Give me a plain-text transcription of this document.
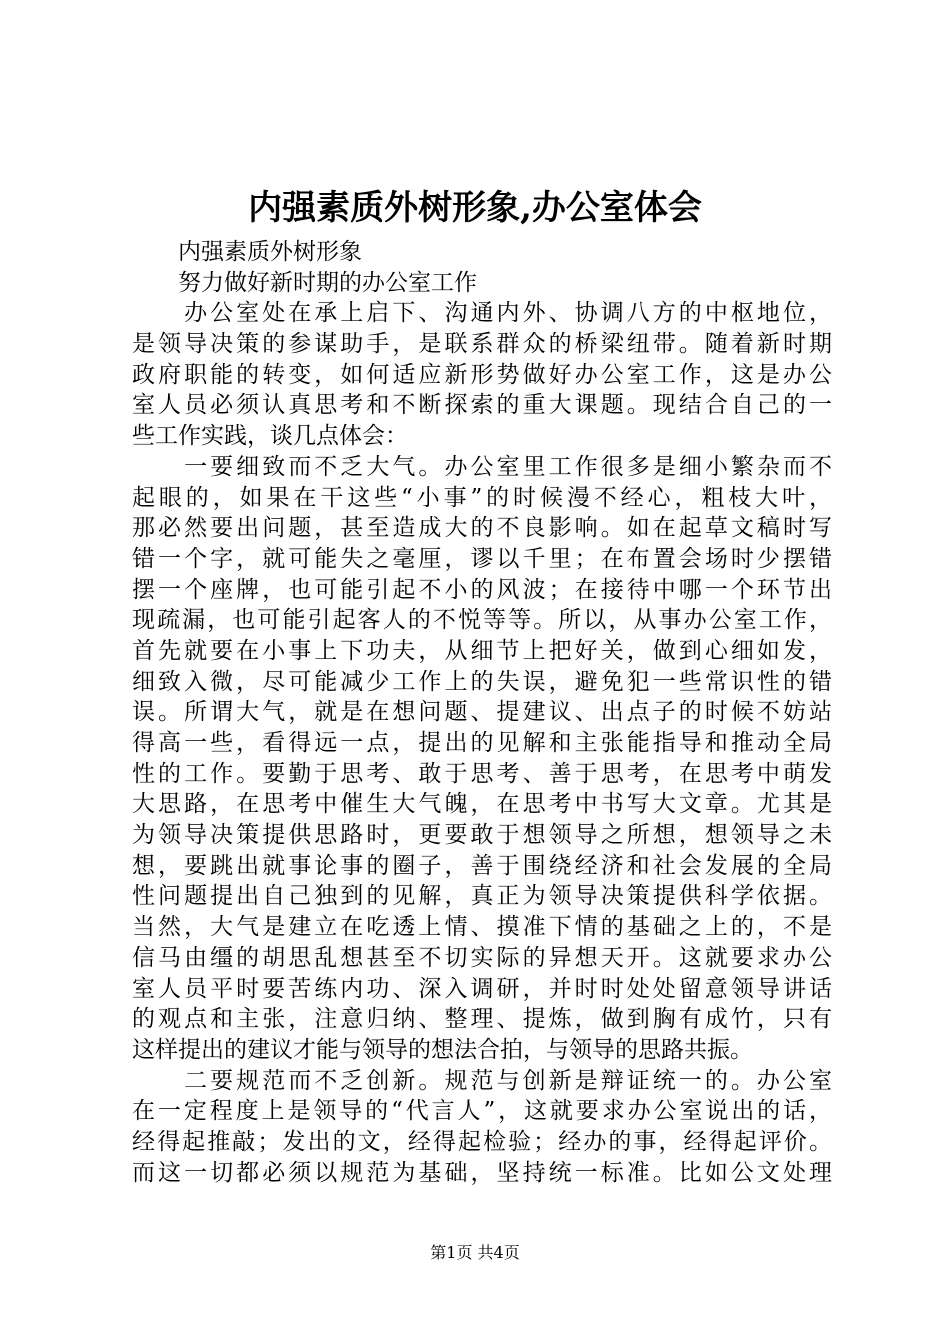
内强素质外树形象,办公室体会
　　内强素质外树形象
　　努力做好新时期的办公室工作
　　办公室处在承上启下、沟通内外、协调八方的中枢地位，
是领导决策的参谋助手，是联系群众的桥梁纽带。随着新时期
政府职能的转变，如何适应新形势做好办公室工作，这是办公
室人员必须认真思考和不断探索的重大课题。现结合自己的一
些工作实践，谈几点体会：
　　一要细致而不乏大气。办公室里工作很多是细小繁杂而不
起眼的，如果在干这些“小事”的时候漫不经心，粗枝大叶，
那必然要出问题，甚至造成大的不良影响。如在起草文稿时写
错一个字，就可能失之毫厘，谬以千里；在布置会场时少摆错
摆一个座牌，也可能引起不小的风波；在接待中哪一个环节出
现疏漏，也可能引起客人的不悦等等。所以，从事办公室工作，
首先就要在小事上下功夫，从细节上把好关，做到心细如发，
细致入微，尽可能减少工作上的失误，避免犯一些常识性的错
误。所谓大气，就是在想问题、提建议、出点子的时候不妨站
得高一些，看得远一点，提出的见解和主张能指导和推动全局
性的工作。要勤于思考、敢于思考、善于思考，在思考中萌发
大思路，在思考中催生大气魄，在思考中书写大文章。尤其是
为领导决策提供思路时，更要敢于想领导之所想，想领导之未
想，要跳出就事论事的圈子，善于围绕经济和社会发展的全局
性问题提出自己独到的见解，真正为领导决策提供科学依据。
当然，大气是建立在吃透上情、摸准下情的基础之上的，不是
信马由缰的胡思乱想甚至不切实际的异想天开。这就要求办公
室人员平时要苦练内功、深入调研，并时时处处留意领导讲话
的观点和主张，注意归纳、整理、提炼，做到胸有成竹，只有
这样提出的建议才能与领导的想法合拍，与领导的思路共振。
　　二要规范而不乏创新。规范与创新是辩证统一的。办公室
在一定程度上是领导的“代言人”，这就要求办公室说出的话，
经得起推敲；发出的文，经得起检验；经办的事，经得起评价。
而这一切都必须以规范为基础，坚持统一标准。比如公文处理
第1页 共4页
